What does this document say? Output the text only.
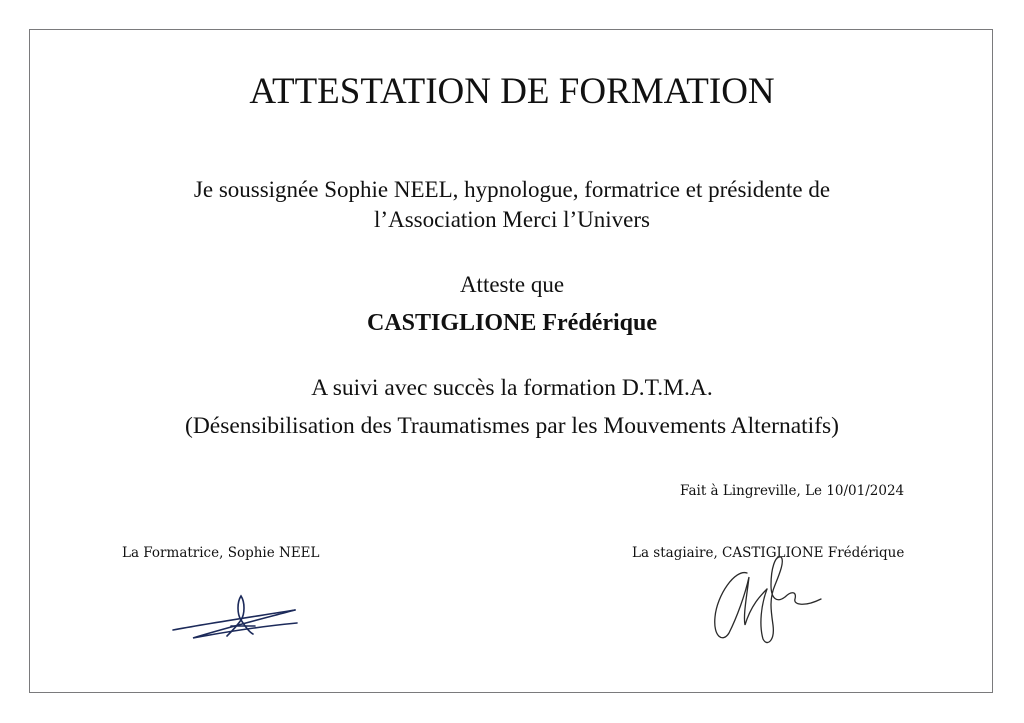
ATTESTATION DE FORMATION
Je soussignée Sophie NEEL, hypnologue, formatrice et présidente de
l’Association Merci l’Univers
Atteste que
CASTIGLIONE Frédérique
A suivi avec succès la formation D.T.M.A.
(Désensibilisation des Traumatismes par les Mouvements Alternatifs)
Fait à Lingreville, Le 10/01/2024
La Formatrice, Sophie NEEL	La stagiaire, CASTIGLIONE Frédérique
